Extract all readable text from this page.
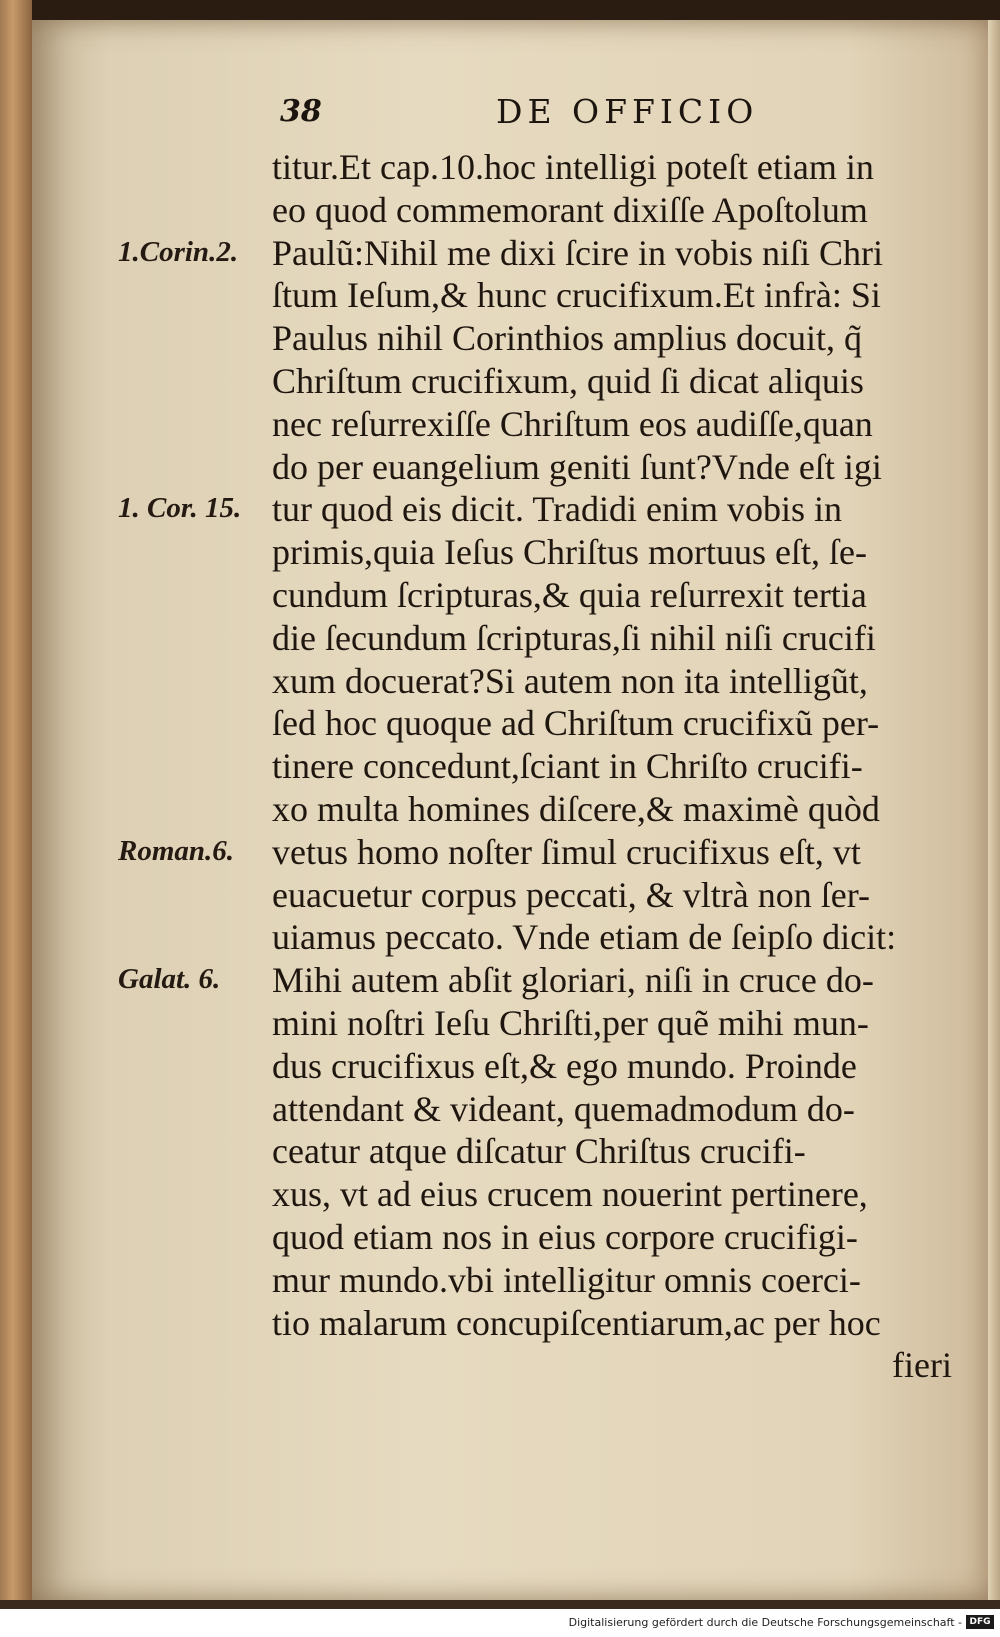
38	DE OFFICIO
1.Corin.2.
1. Cor. 15.
Roman.6.
Galat. 6.
titur.Et cap.10.hoc intelligi poteſt etiam in
eo quod commemorant dixiſſe Apoſtolum
Paulũ:Nihil me dixi ſcire in vobis niſi Chri
ſtum Ieſum,& hunc crucifixum.Et infrà: Si
Paulus nihil Corinthios amplius docuit, q̃
Chriſtum crucifixum, quid ſi dicat aliquis
nec reſurrexiſſe Chriſtum eos audiſſe,quan
do per euangelium geniti ſunt?Vnde eſt igi
tur quod eis dicit. Tradidi enim vobis in
primis,quia Ieſus Chriſtus mortuus eſt, ſe-
cundum ſcripturas,& quia reſurrexit tertia
die ſecundum ſcripturas,ſi nihil niſi crucifi
xum docuerat?Si autem non ita intelligũt,
ſed hoc quoque ad Chriſtum crucifixũ per-
tinere concedunt,ſciant in Chriſto crucifi-
xo multa homines diſcere,& maximè quòd
vetus homo noſter ſimul crucifixus eſt, vt
euacuetur corpus peccati, & vltrà non ſer-
uiamus peccato. Vnde etiam de ſeipſo dicit:
Mihi autem abſit gloriari, niſi in cruce do-
mini noſtri Ieſu Chriſti,per quẽ mihi mun-
dus crucifixus eſt,& ego mundo. Proinde
attendant & videant, quemadmodum do-
ceatur atque diſcatur Chriſtus crucifi-
xus, vt ad eius crucem nouerint pertinere,
quod etiam nos in eius corpore crucifigi-
mur mundo.vbi intelligitur omnis coerci-
tio malarum concupiſcentiarum,ac per hoc
fieri
Digitalisierung gefördert durch die Deutsche Forschungsgemeinschaft - DFG
